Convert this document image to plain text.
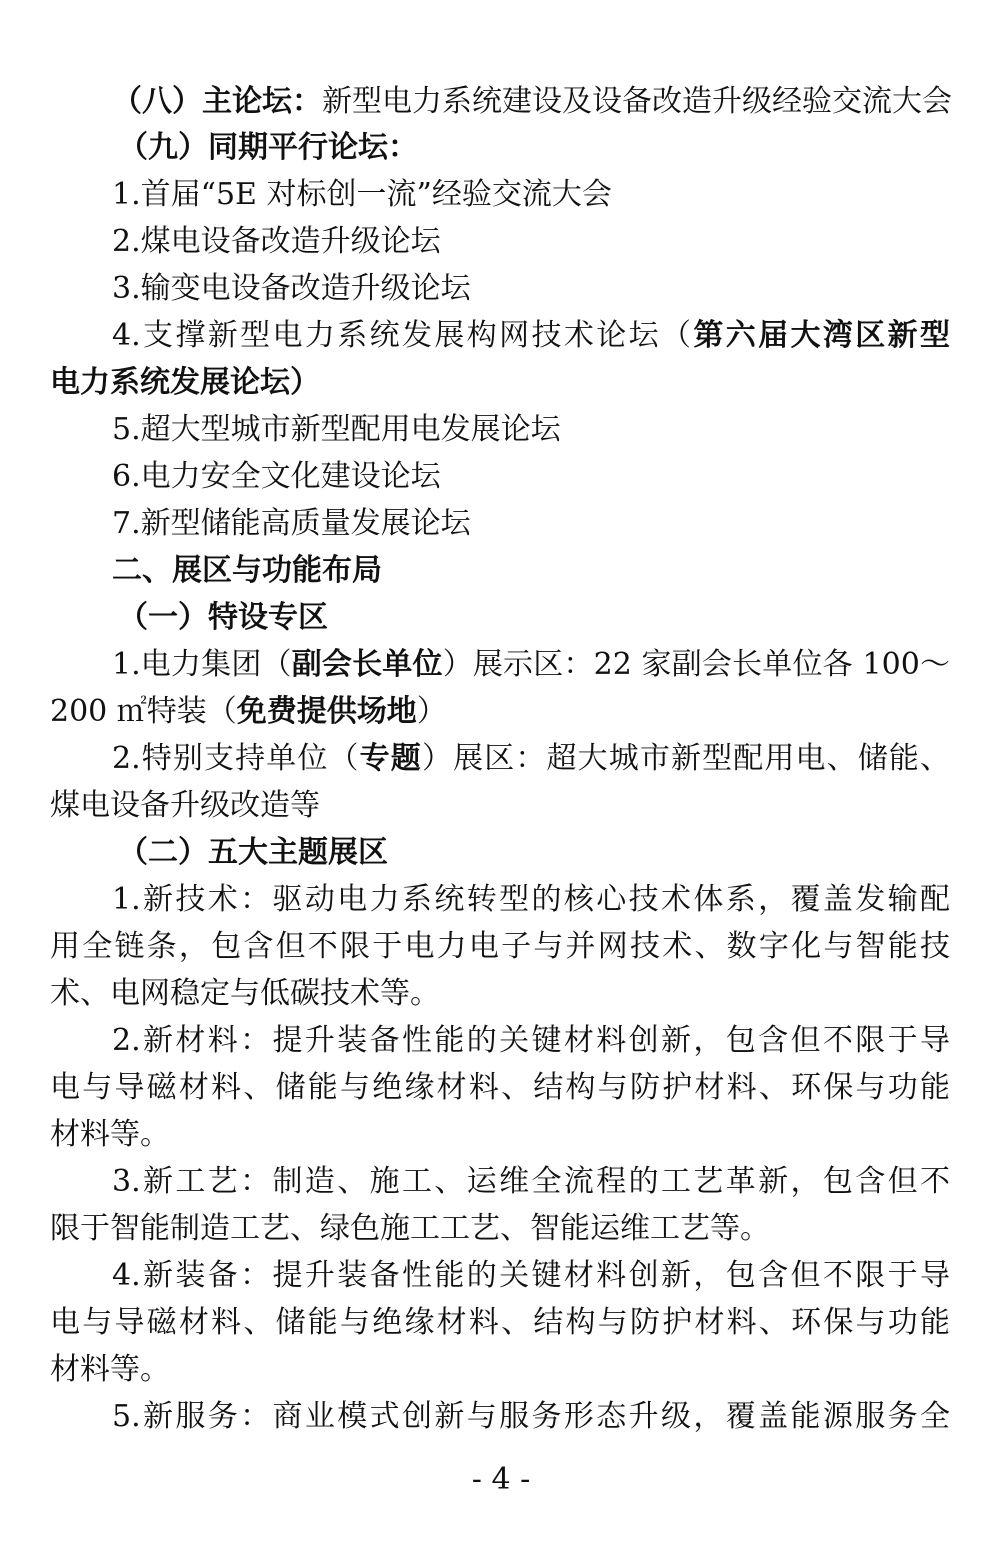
（八）主论坛：新型电力系统建设及设备改造升级经验交流大会
（九）同期平行论坛：
1.首届“5E 对标创一流”经验交流大会
2.煤电设备改造升级论坛
3.输变电设备改造升级论坛
4.支撑新型电力系统发展构网技术论坛（第六届大湾区新型
电力系统发展论坛）
5.超大型城市新型配用电发展论坛
6.电力安全文化建设论坛
7.新型储能高质量发展论坛
二、展区与功能布局
（一）特设专区
1.电力集团（副会长单位）展示区：22 家副会长单位各 100～
200 ㎡特装（免费提供场地）
2.特别支持单位（专题）展区：超大城市新型配用电、储能、
煤电设备升级改造等
（二）五大主题展区
1.新技术：驱动电力系统转型的核心技术体系，覆盖发输配
用全链条，包含但不限于电力电子与并网技术、数字化与智能技
术、电网稳定与低碳技术等。
2.新材料：提升装备性能的关键材料创新，包含但不限于导
电与导磁材料、储能与绝缘材料、结构与防护材料、环保与功能
材料等。
3.新工艺：制造、施工、运维全流程的工艺革新，包含但不
限于智能制造工艺、绿色施工工艺、智能运维工艺等。
4.新装备：提升装备性能的关键材料创新，包含但不限于导
电与导磁材料、储能与绝缘材料、结构与防护材料、环保与功能
材料等。
5.新服务：商业模式创新与服务形态升级，覆盖能源服务全
- 4 -
